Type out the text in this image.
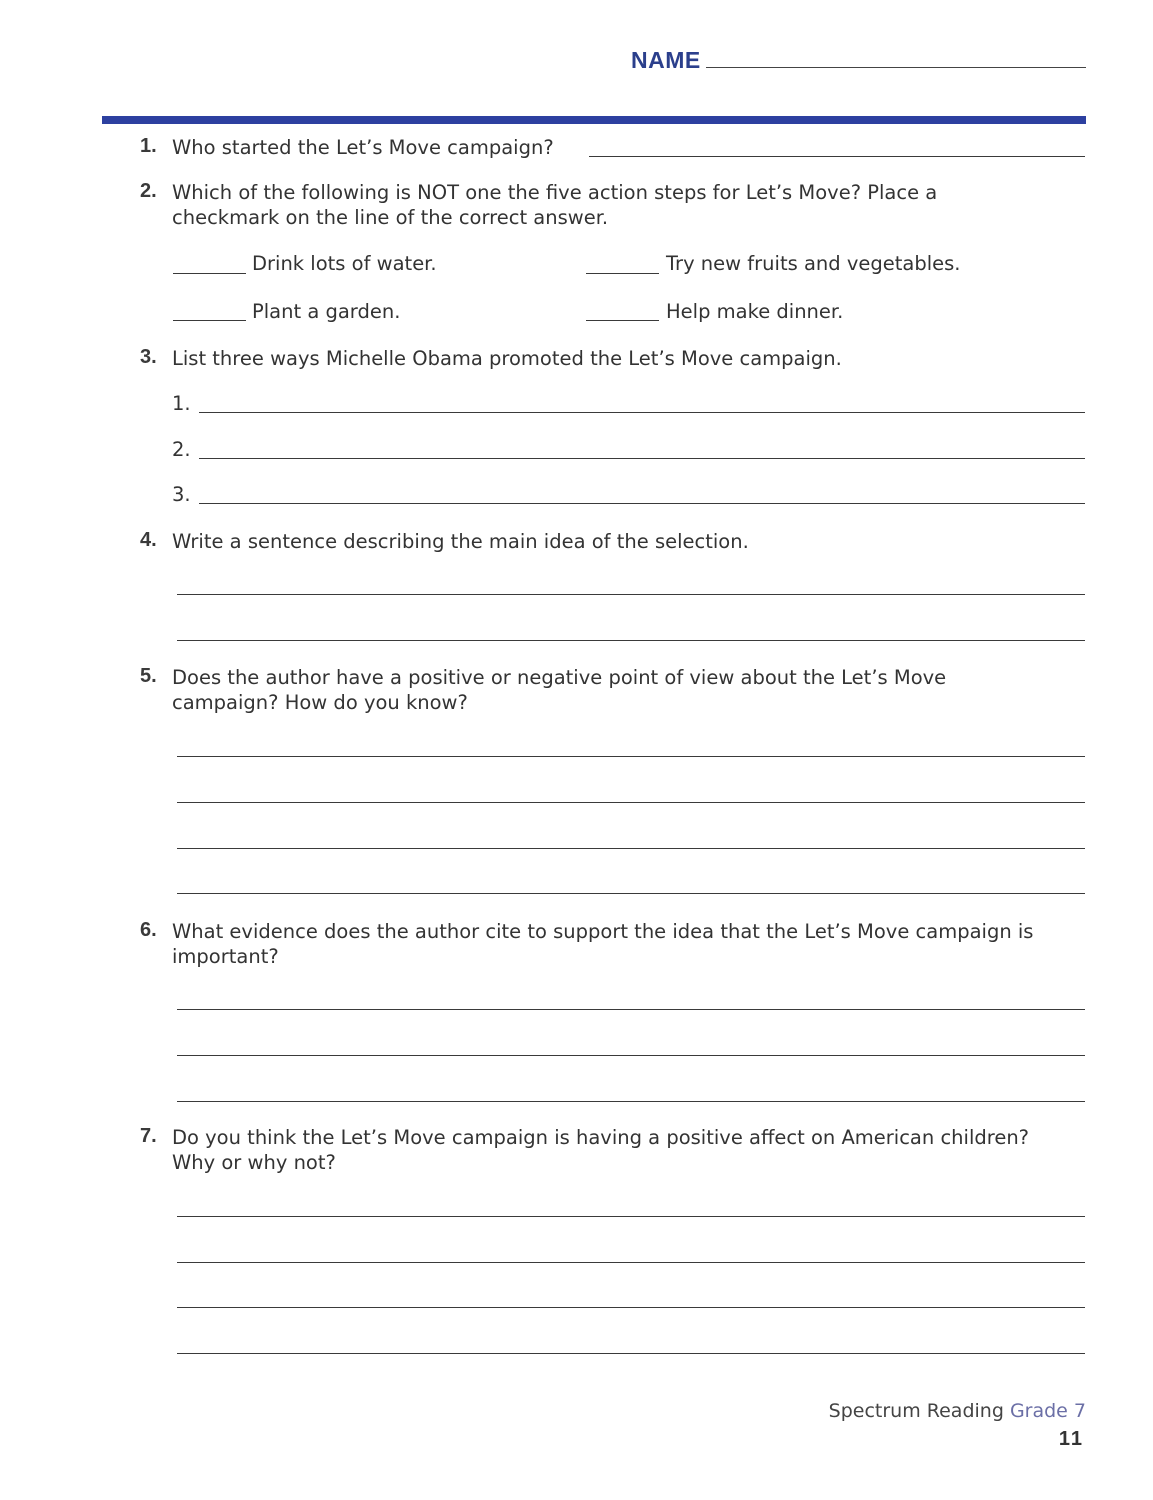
NAME
1. Who started the Let’s Move campaign?
2. Which of the following is NOT one the five action steps for Let’s Move? Place a
checkmark on the line of the correct answer.
Drink lots of water.	Try new fruits and vegetables.
Plant a garden.	Help make dinner.
3. List three ways Michelle Obama promoted the Let’s Move campaign.
1.
2.
3.
4. Write a sentence describing the main idea of the selection.
5. Does the author have a positive or negative point of view about the Let’s Move
campaign? How do you know?
6. What evidence does the author cite to support the idea that the Let’s Move campaign is
important?
7. Do you think the Let’s Move campaign is having a positive affect on American children?
Why or why not?
Spectrum Reading Grade 7
11
